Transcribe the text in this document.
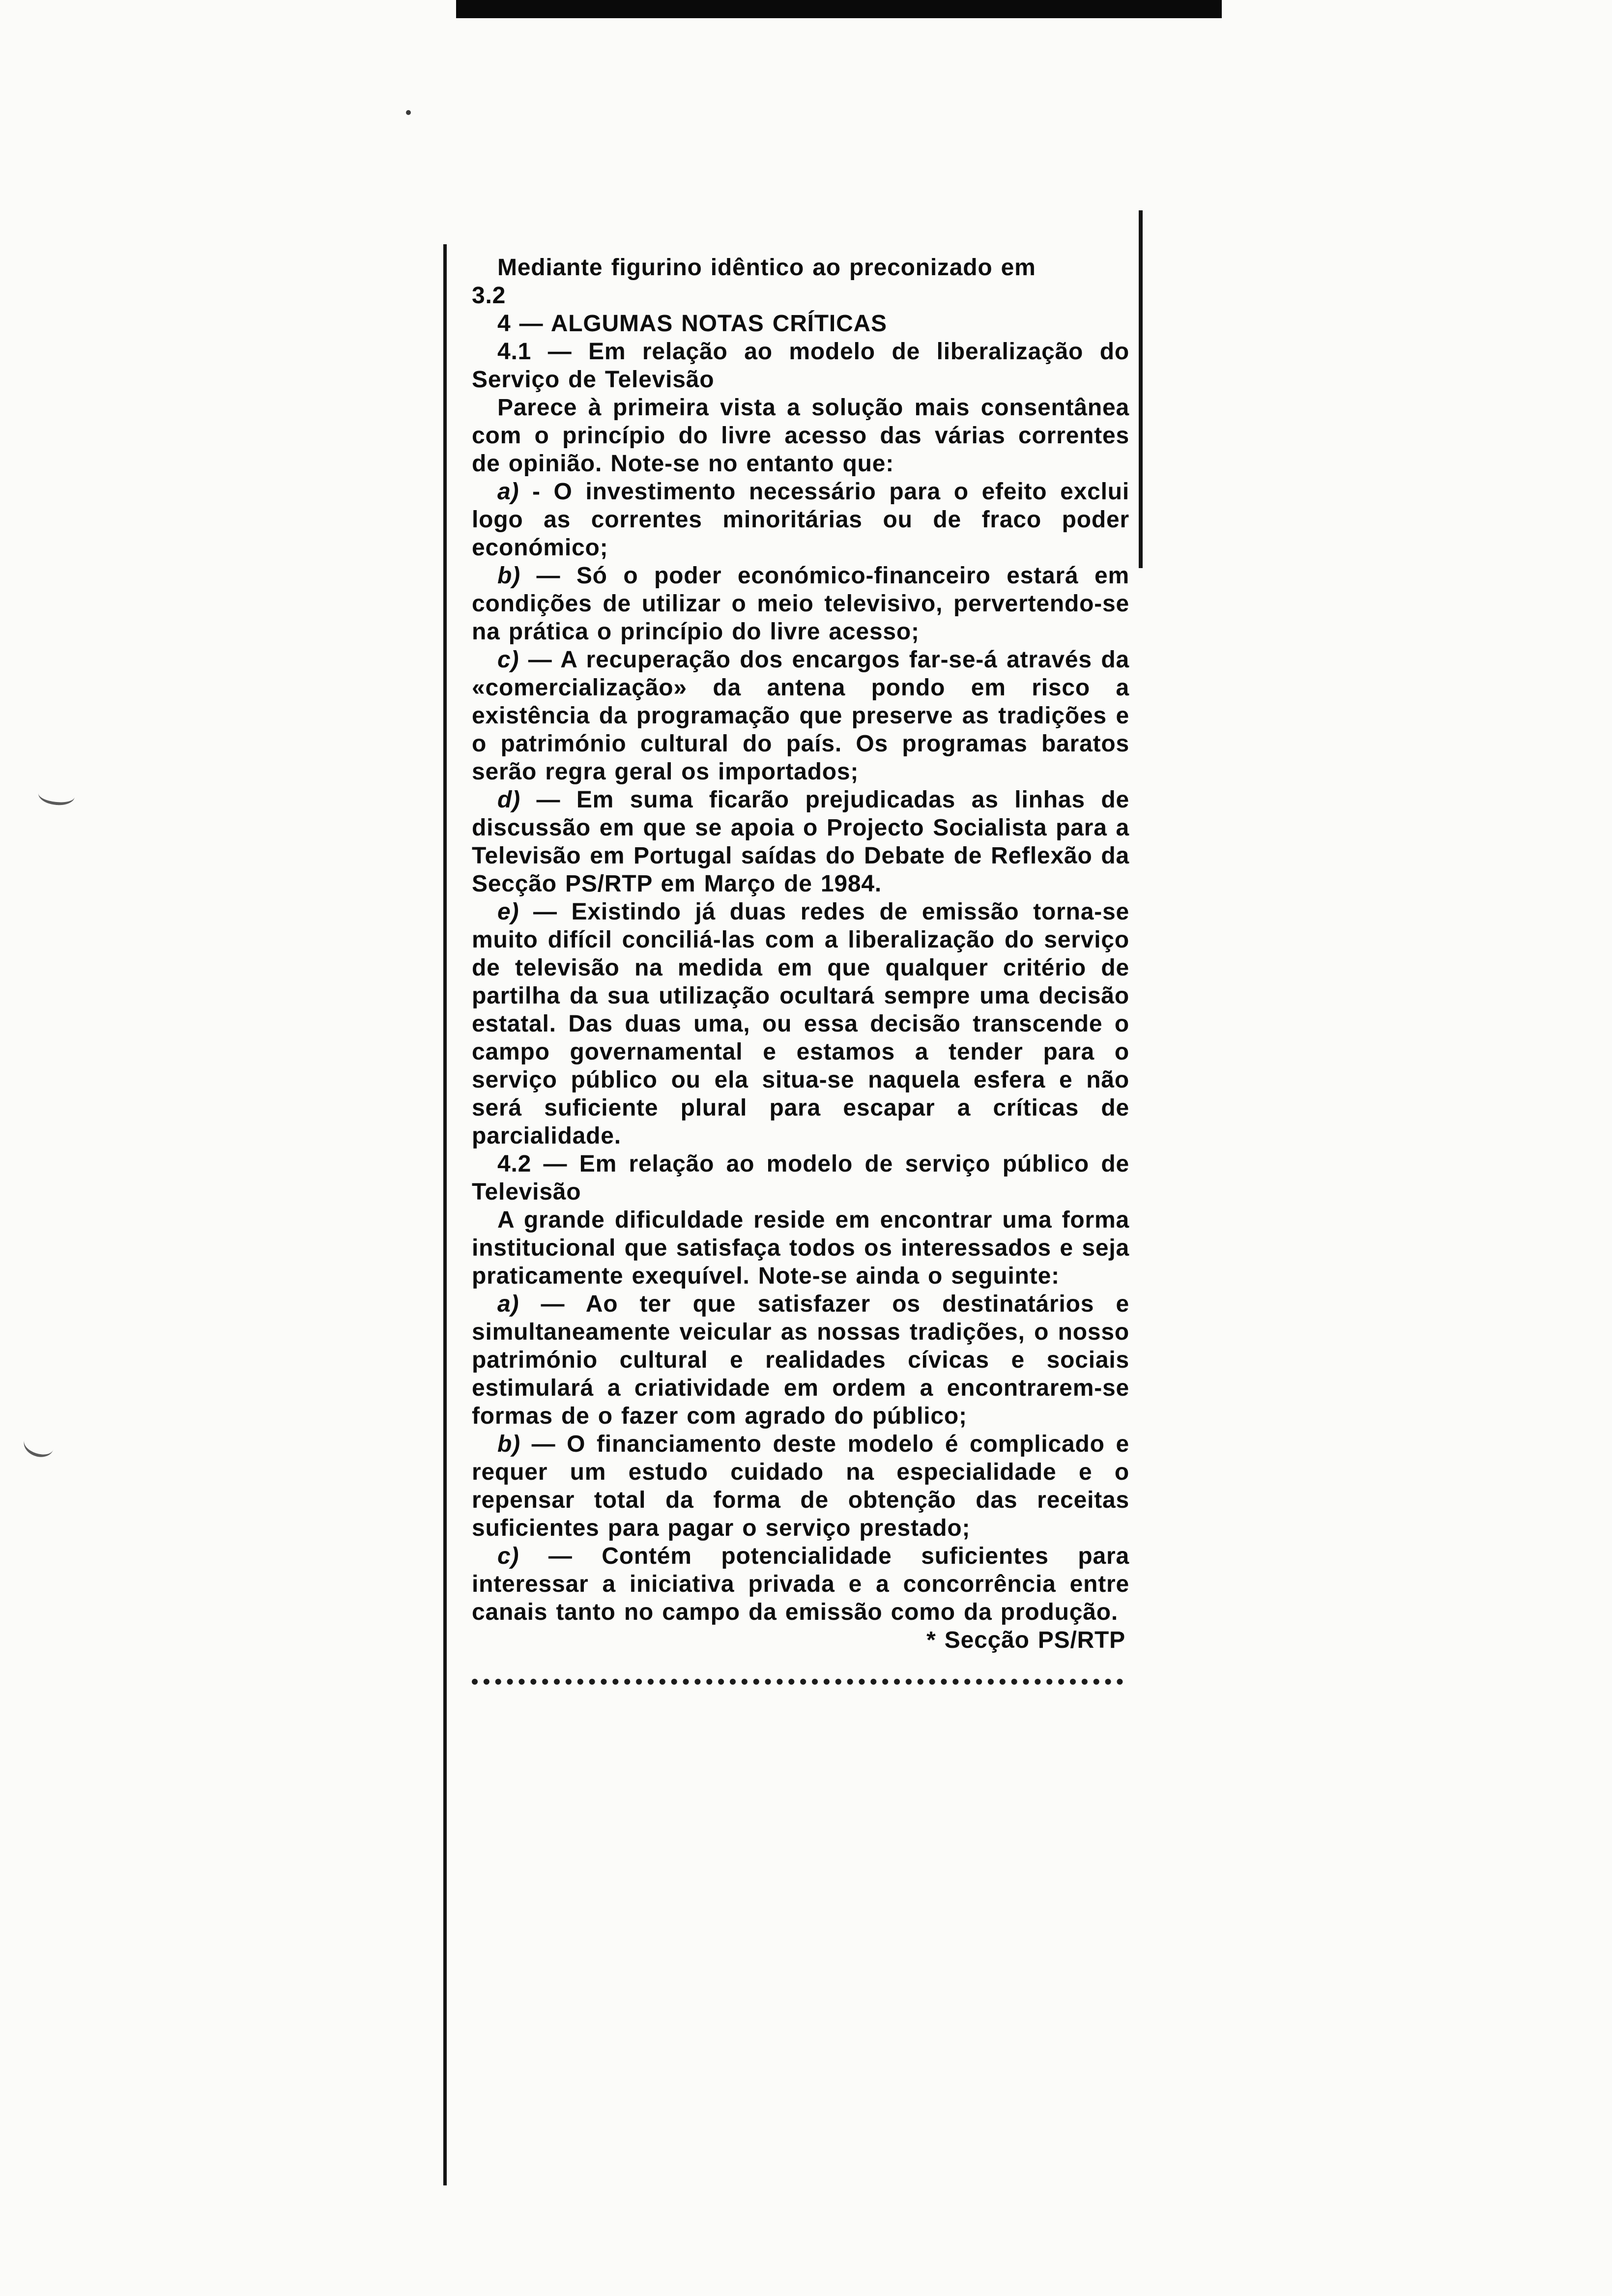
Mediante figurino idêntico ao preconizado em
3.2

4 — ALGUMAS NOTAS CRÍTICAS

4.1 — Em relação ao modelo de liberalização do Serviço de Televisão

Parece à primeira vista a solução mais consentânea com o princípio do livre acesso das várias correntes de opinião. Note-se no entanto que:

a) - O investimento necessário para o efeito exclui logo as correntes minoritárias ou de fraco poder económico;

b) — Só o poder económico-financeiro estará em condições de utilizar o meio televisivo, pervertendo-se na prática o princípio do livre acesso;

c) — A recuperação dos encargos far-se-á através da «comercialização» da antena pondo em risco a existência da programação que preserve as tradições e o património cultural do país. Os programas baratos serão regra geral os importados;

d) — Em suma ficarão prejudicadas as linhas de discussão em que se apoia o Projecto Socialista para a Televisão em Portugal saídas do Debate de Reflexão da Secção PS/RTP em Março de 1984.

e) — Existindo já duas redes de emissão torna-se muito difícil conciliá-las com a liberalização do serviço de televisão na medida em que qualquer critério de partilha da sua utilização ocultará sempre uma decisão estatal. Das duas uma, ou essa decisão transcende o campo governamental e estamos a tender para o serviço público ou ela situa-se naquela esfera e não será suficiente plural para escapar a críticas de parcialidade.

4.2 — Em relação ao modelo de serviço público de Televisão

A grande dificuldade reside em encontrar uma forma institucional que satisfaça todos os interessados e seja praticamente exequível. Note-se ainda o seguinte:

a) — Ao ter que satisfazer os destinatários e simultaneamente veicular as nossas tradições, o nosso património cultural e realidades cívicas e sociais estimulará a criatividade em ordem a encontrarem-se formas de o fazer com agrado do público;

b) — O financiamento deste modelo é complicado e requer um estudo cuidado na especialidade e o repensar total da forma de obtenção das receitas suficientes para pagar o serviço prestado;

c) — Contém potencialidade suficientes para interessar a iniciativa privada e a concorrência entre canais tanto no campo da emissão como da produção.

* Secção PS/RTP
